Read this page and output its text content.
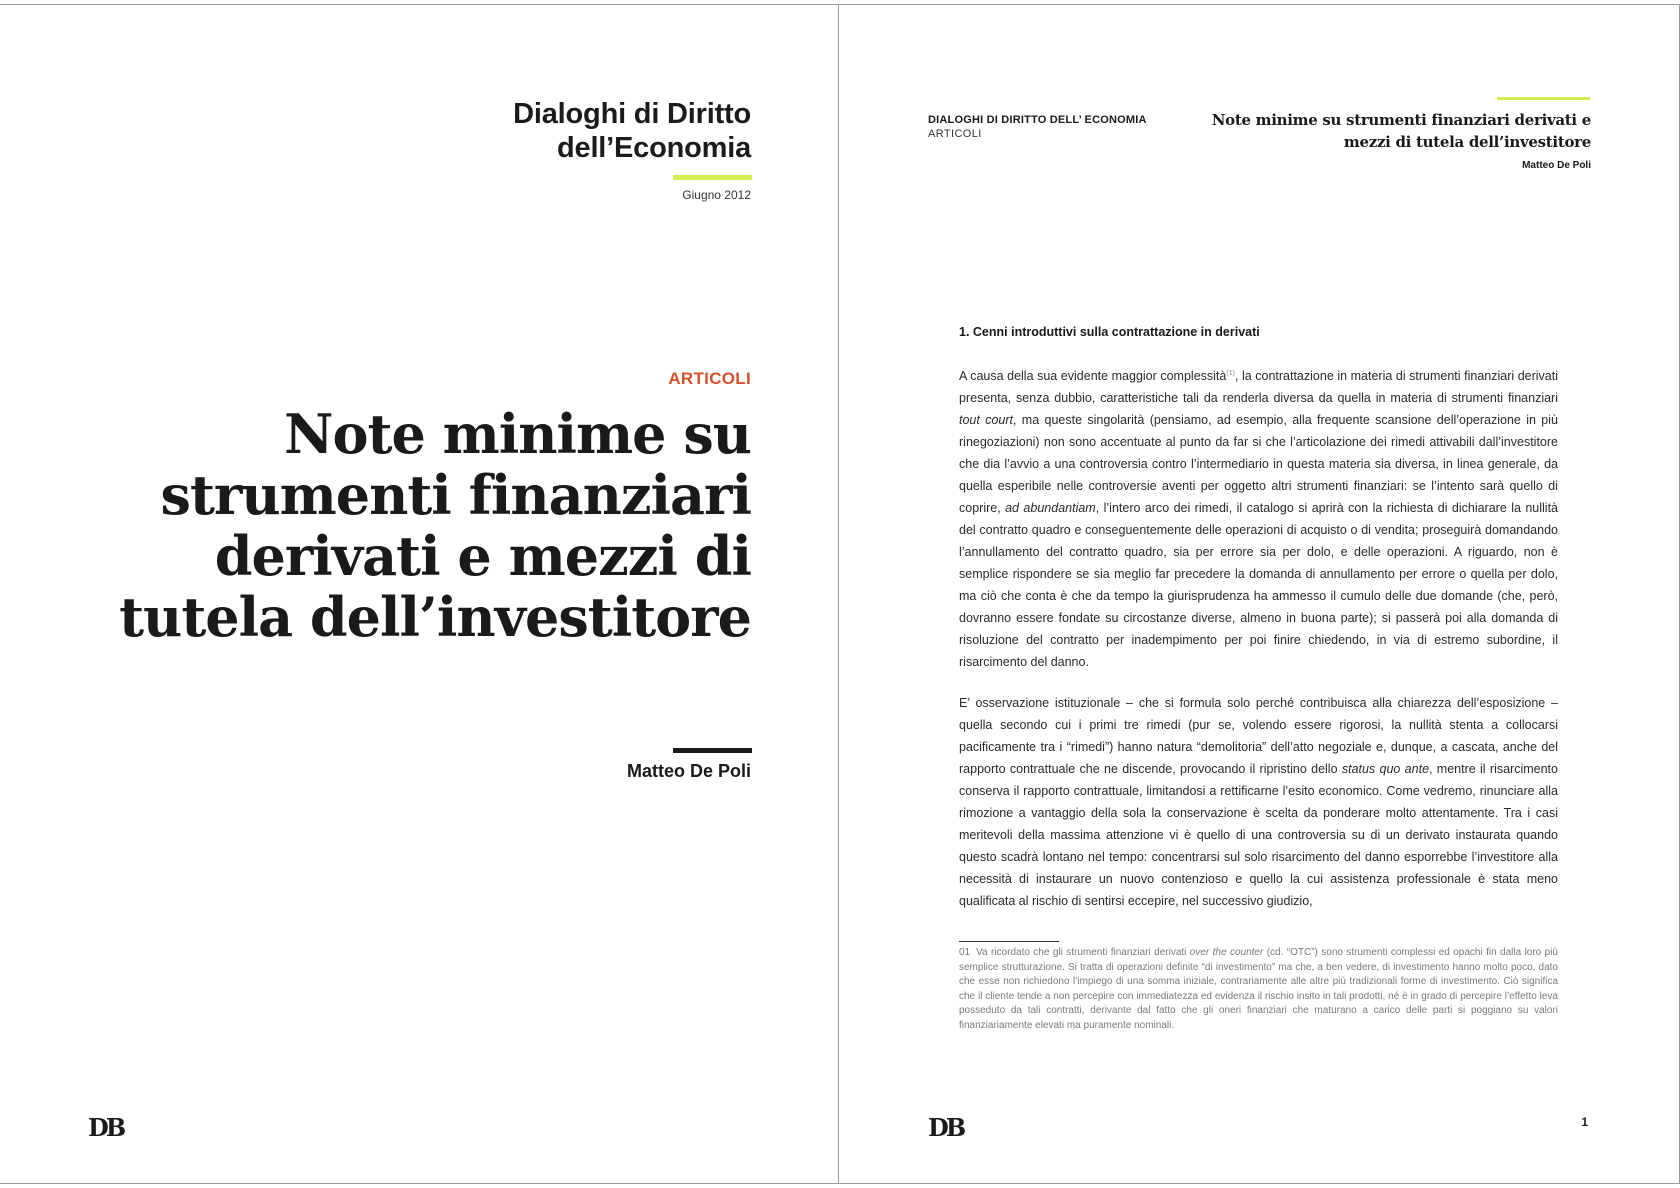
Dialoghi di Diritto
dell’Economia
Giugno 2012
ARTICOLI
Note minime su
strumenti finanziari
derivati e mezzi di
tutela dell’investitore
Matteo De Poli
DB
DIALOGHI DI DIRITTO DELL’ ECONOMIA
ARTICOLI
Note minime su strumenti finanziari derivati e
mezzi di tutela dell’investitore
Matteo De Poli
1. Cenni introduttivi sulla contrattazione in derivati
A causa della sua evidente maggior complessità$^{(1)}$, la contrattazione in materia di strumenti finanziari derivati presenta, senza dubbio, caratteristiche tali da renderla diversa da quella in materia di strumenti finanziari tout court, ma queste singolarità (pensiamo, ad esempio, alla frequente scansione dell’operazione in più rinegoziazioni) non sono accentuate al punto da far si che l’articolazione dei rimedi attivabili dall’investitore che dia l’avvio a una controversia contro l’intermediario in questa materia sia diversa, in linea generale, da quella esperibile nelle controversie aventi per oggetto altri strumenti finanziari: se l’intento sarà quello di coprire, ad abundantiam, l’intero arco dei rimedi, il catalogo si aprirà con la richiesta di dichiarare la nullità del contratto quadro e conseguentemente delle operazioni di acquisto o di vendita; proseguirà domandando l’annullamento del contratto quadro, sia per errore sia per dolo, e delle operazioni. A riguardo, non è semplice rispondere se sia meglio far precedere la domanda di annullamento per errore o quella per dolo, ma ciò che conta è che da tempo la giurisprudenza ha ammesso il cumulo delle due domande (che, però, dovranno essere fondate su circostanze diverse, almeno in buona parte); si passerà poi alla domanda di risoluzione del contratto per inadempimento per poi finire chiedendo, in via di estremo subordine, il risarcimento del danno.
E’ osservazione istituzionale – che si formula solo perché contribuisca alla chiarezza dell’esposizione – quella secondo cui i primi tre rimedi (pur se, volendo essere rigorosi, la nullità stenta a collocarsi pacificamente tra i “rimedi”) hanno natura “demolitoria” dell’atto negoziale e, dunque, a cascata, anche del rapporto contrattuale che ne discende, provocando il ripristino dello status quo ante, mentre il risarcimento conserva il rapporto contrattuale, limitandosi a rettificarne l’esito economico. Come vedremo, rinunciare alla rimozione a vantaggio della sola la conservazione è scelta da ponderare molto attentamente. Tra i casi meritevoli della massima attenzione vi è quello di una controversia su di un derivato instaurata quando questo scadrà lontano nel tempo: concentrarsi sul solo risarcimento del danno esporrebbe l’investitore alla necessità di instaurare un nuovo contenzioso e quello la cui assistenza professionale è stata meno qualificata al rischio di sentirsi eccepire, nel successivo giudizio,
01 Va ricordato che gli strumenti finanziari derivati over the counter (cd. “OTC”) sono strumenti complessi ed opachi fin dalla loro più semplice strutturazione. Si tratta di operazioni definite “di investimento” ma che, a ben vedere, di investimento hanno molto poco, dato che esse non richiedono l’impiego di una somma iniziale, contrariamente alle altre più tradizionali forme di investimento. Ciò significa che il cliente tende a non percepire con immediatezza ed evidenza il rischio insito in tali prodotti, né è in grado di percepire l’effetto leva posseduto da tali contratti, derivante dal fatto che gli oneri finanziari che maturano a carico delle parti si poggiano su valori finanziariamente elevati ma puramente nominali.
DB	1
